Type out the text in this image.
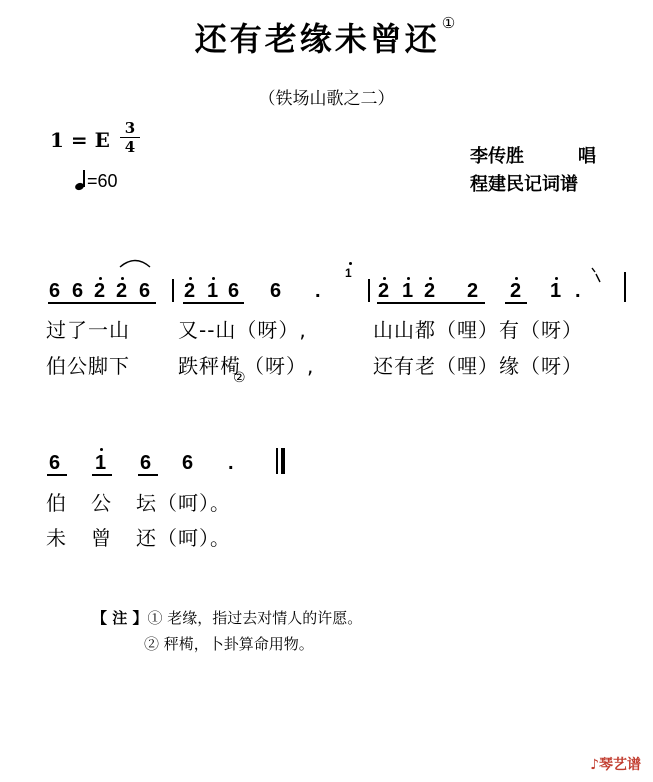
还有老缘未曾还 ①
（铁场山歌之二）
1 = E 3
4
=60
李传胜	唱
程建民记词谱
1
6 6 2 2 6 2 1 6 6 .	2 1 2 2 2 1 .
过了一山 又--山（呀）,	山山都（哩）有（呀）
伯公脚下 跌秤槆 （呀）,
②	还有老（哩）缘（呀）
6 1 6 6 .
伯 公 坛（呵）。
未 曾 还（呵）。
【 注 】① 老缘，指过去对情人的许愿。
② 秤槆，卜卦算命用物。
♪琴艺谱
